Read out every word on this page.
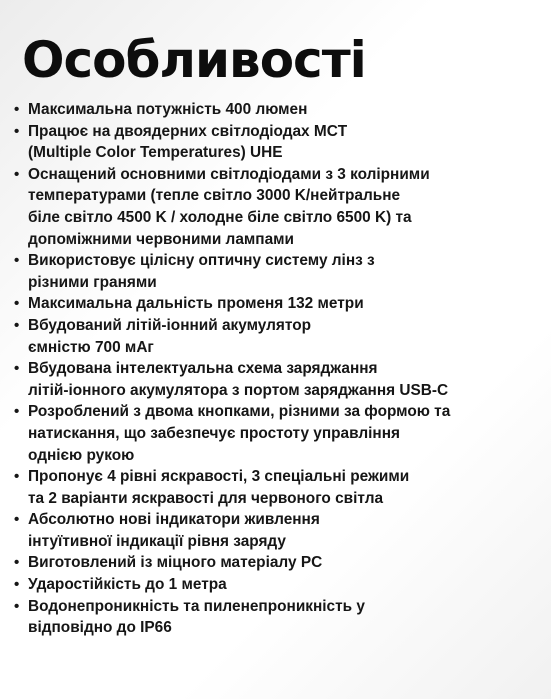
Особливості
• Максимальна потужність 400 люмен
• Працює на двоядерних світлодіодах MCT
(Multiple Color Temperatures) UHE
• Оснащений основними світлодіодами з 3 колірними
температурами (тепле світло 3000 K/нейтральне
біле світло 4500 K / холодне біле світло 6500 K) та
допоміжними червоними лампами
• Використовує цілісну оптичну систему лінз з
різними гранями
• Максимальна дальність променя 132 метри
• Вбудований літій-іонний акумулятор
ємністю 700 мАг
• Вбудована інтелектуальна схема заряджання
літій-іонного акумулятора з портом заряджання USB-C
• Розроблений з двома кнопками, різними за формою та
натискання, що забезпечує простоту управління
однією рукою
• Пропонує 4 рівні яскравості, 3 спеціальні режими
та 2 варіанти яскравості для червоного світла
• Абсолютно нові індикатори живлення
інтуїтивної індикації рівня заряду
• Виготовлений із міцного матеріалу PC
• Ударостійкість до 1 метра
• Водонепроникність та пиленепроникність у
відповідно до IP66
